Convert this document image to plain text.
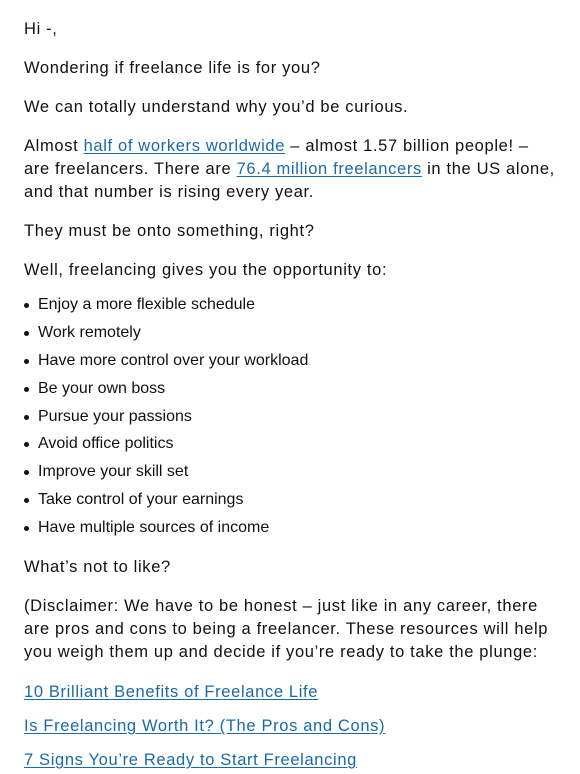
Hi -,

Wondering if freelance life is for you?

We can totally understand why you’d be curious.

Almost half of workers worldwide – almost 1.57 billion people! – are freelancers. There are 76.4 million freelancers in the US alone, and that number is rising every year.

They must be onto something, right?

Well, freelancing gives you the opportunity to:

Enjoy a more flexible schedule
Work remotely
Have more control over your workload
Be your own boss
Pursue your passions
Avoid office politics
Improve your skill set
Take control of your earnings
Have multiple sources of income

What’s not to like?

(Disclaimer: We have to be honest – just like in any career, there are pros and cons to being a freelancer. These resources will help you weigh them up and decide if you’re ready to take the plunge:

10 Brilliant Benefits of Freelance Life

Is Freelancing Worth It? (The Pros and Cons)

7 Signs You’re Ready to Start Freelancing
